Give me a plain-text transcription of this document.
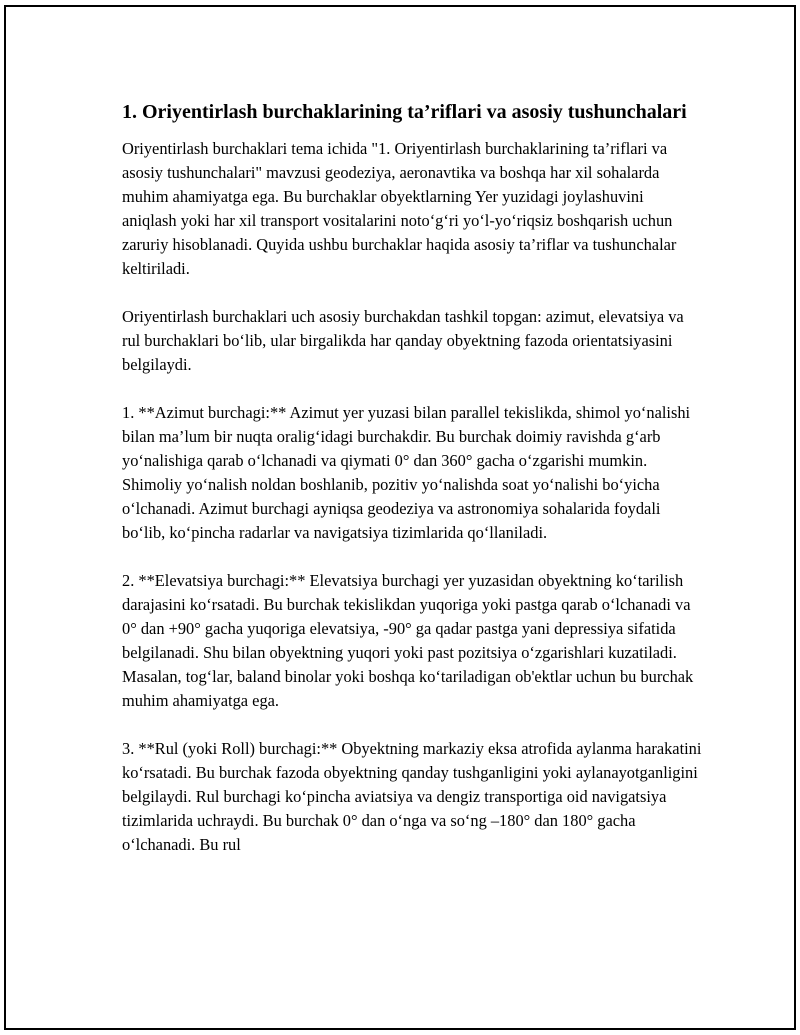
1. Oriyentirlash burchaklarining ta’riflari va asosiy tushunchalari

Oriyentirlash burchaklari tema ichida "1. Oriyentirlash burchaklarining ta’riflari va asosiy tushunchalari" mavzusi geodeziya, aeronavtika va boshqa har xil sohalarda muhim ahamiyatga ega. Bu burchaklar obyektlarning Yer yuzidagi joylashuvini aniqlash yoki har xil transport vositalarini noto‘g‘ri yo‘l-yo‘riqsiz boshqarish uchun zaruriy hisoblanadi. Quyida ushbu burchaklar haqida asosiy ta’riflar va tushunchalar keltiriladi.

Oriyentirlash burchaklari uch asosiy burchakdan tashkil topgan: azimut, elevatsiya va rul burchaklari bo‘lib, ular birgalikda har qanday obyektning fazoda orientatsiyasini belgilaydi.

1. **Azimut burchagi:** Azimut yer yuzasi bilan parallel tekislikda, shimol yo‘nalishi bilan ma’lum bir nuqta oralig‘idagi burchakdir. Bu burchak doimiy ravishda g‘arb yo‘nalishiga qarab o‘lchanadi va qiymati 0° dan 360° gacha o‘zgarishi mumkin. Shimoliy yo‘nalish noldan boshlanib, pozitiv yo‘nalishda soat yo‘nalishi bo‘yicha o‘lchanadi. Azimut burchagi ayniqsa geodeziya va astronomiya sohalarida foydali bo‘lib, ko‘pincha radarlar va navigatsiya tizimlarida qo‘llaniladi.

2. **Elevatsiya burchagi:** Elevatsiya burchagi yer yuzasidan obyektning ko‘tarilish darajasini ko‘rsatadi. Bu burchak tekislikdan yuqoriga yoki pastga qarab o‘lchanadi va 0° dan +90° gacha yuqoriga elevatsiya, -90° ga qadar pastga yani depressiya sifatida belgilanadi. Shu bilan obyektning yuqori yoki past pozitsiya o‘zgarishlari kuzatiladi. Masalan, tog‘lar, baland binolar yoki boshqa ko‘tariladigan ob'ektlar uchun bu burchak muhim ahamiyatga ega.

3. **Rul (yoki Roll) burchagi:** Obyektning markaziy eksa atrofida aylanma harakatini ko‘rsatadi. Bu burchak fazoda obyektning qanday tushganligini yoki aylanayotganligini belgilaydi. Rul burchagi ko‘pincha aviatsiya va dengiz transportiga oid navigatsiya tizimlarida uchraydi. Bu burchak 0° dan o‘nga va so‘ng –180° dan 180° gacha o‘lchanadi. Bu rul
